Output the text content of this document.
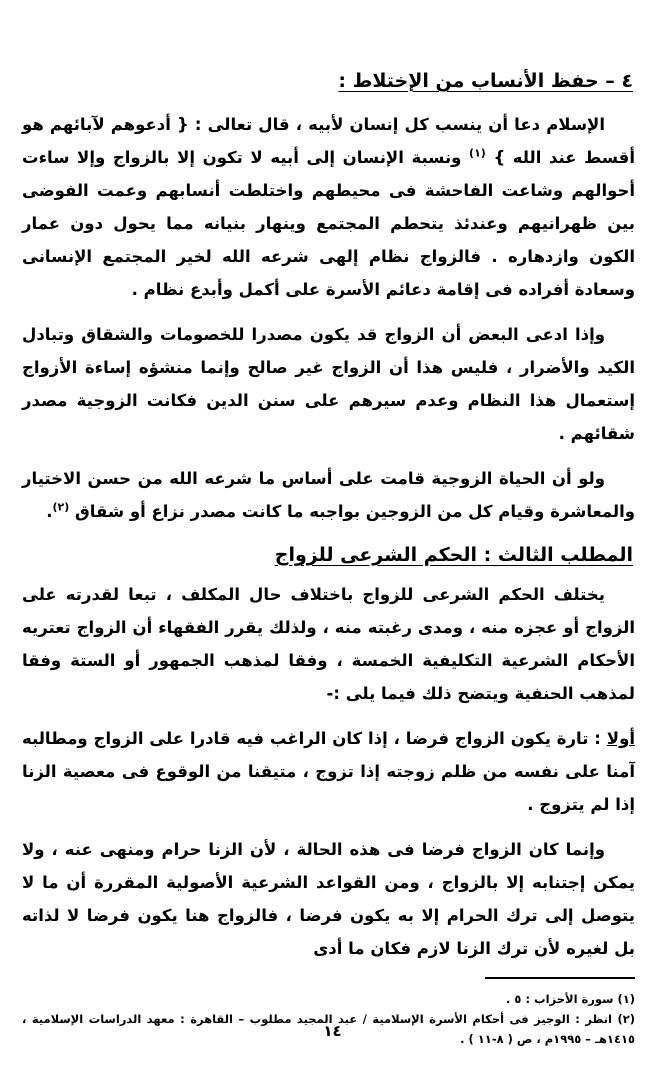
٤ – حفظ الأنساب من الإختلاط :

الإسلام دعا أن ينسب كل إنسان لأبيه ، قال تعالى : { أدعوهم لآبائهم هو أقسط عند الله } $^{(١)}$ ونسبة الإنسان إلى أبيه لا تكون إلا بالزواج وإلا ساءت أحوالهم وشاعت الفاحشة فى محيطهم واختلطت أنسابهم وعمت الفوضى بين ظهرانيهم وعندئذ يتحطم المجتمع وينهار بنيانه مما يحول دون عمار الكون وازدهاره . فالزواج نظام إلهى شرعه الله لخير المجتمع الإنسانى وسعادة أفراده فى إقامة دعائم الأسرة على أكمل وأبدع نظام .

وإذا ادعى البعض أن الزواج قد يكون مصدرا للخصومات والشقاق وتبادل الكيد والأضرار ، فليس هذا أن الزواج غير صالح وإنما منشؤه إساءة الأزواج إستعمال هذا النظام وعدم سيرهم على سنن الدين فكانت الزوجية مصدر شقائهم .

ولو أن الحياة الزوجية قامت على أساس ما شرعه الله من حسن الاختيار والمعاشرة وقيام كل من الزوجين بواجبه ما كانت مصدر نزاع أو شقاق $^{(٢)}$.

المطلب الثالث : الحكم الشرعى للزواج

يختلف الحكم الشرعى للزواج باختلاف حال المكلف ، تبعا لقدرته على الزواج أو عجزه منه ، ومدى رغبته منه ، ولذلك يقرر الفقهاء أن الزواج تعتريه الأحكام الشرعية التكليفية الخمسة ، وفقا لمذهب الجمهور أو الستة وفقا لمذهب الحنفية ويتضح ذلك فيما يلى :-

أولا : تارة يكون الزواج فرضا ، إذا كان الراغب فيه قادرا على الزواج ومطالبه آمنا على نفسه من ظلم زوجته إذا تزوج ، متيقنا من الوقوع فى معصية الزنا إذا لم يتزوج .

وإنما كان الزواج فرضا فى هذه الحالة ، لأن الزنا حرام ومنهى عنه ، ولا يمكن إجتنابه إلا بالزواج ، ومن القواعد الشرعية الأصولية المقررة أن ما لا يتوصل إلى ترك الحرام إلا به يكون فرضا ، فالزواج هنا يكون فرضا لا لذاته بل لغيره لأن ترك الزنا لازم فكان ما أدى

(١) سورة الأحزاب : ٥ .

(٢) انظر : الوجيز فى أحكام الأسرة الإسلامية / عبد المجيد مطلوب – القاهرة : معهد الدراسات الإسلامية ، ١٤١٥هـ – ١٩٩٥م ، ص ( ٨-١١ ) .

١٤
